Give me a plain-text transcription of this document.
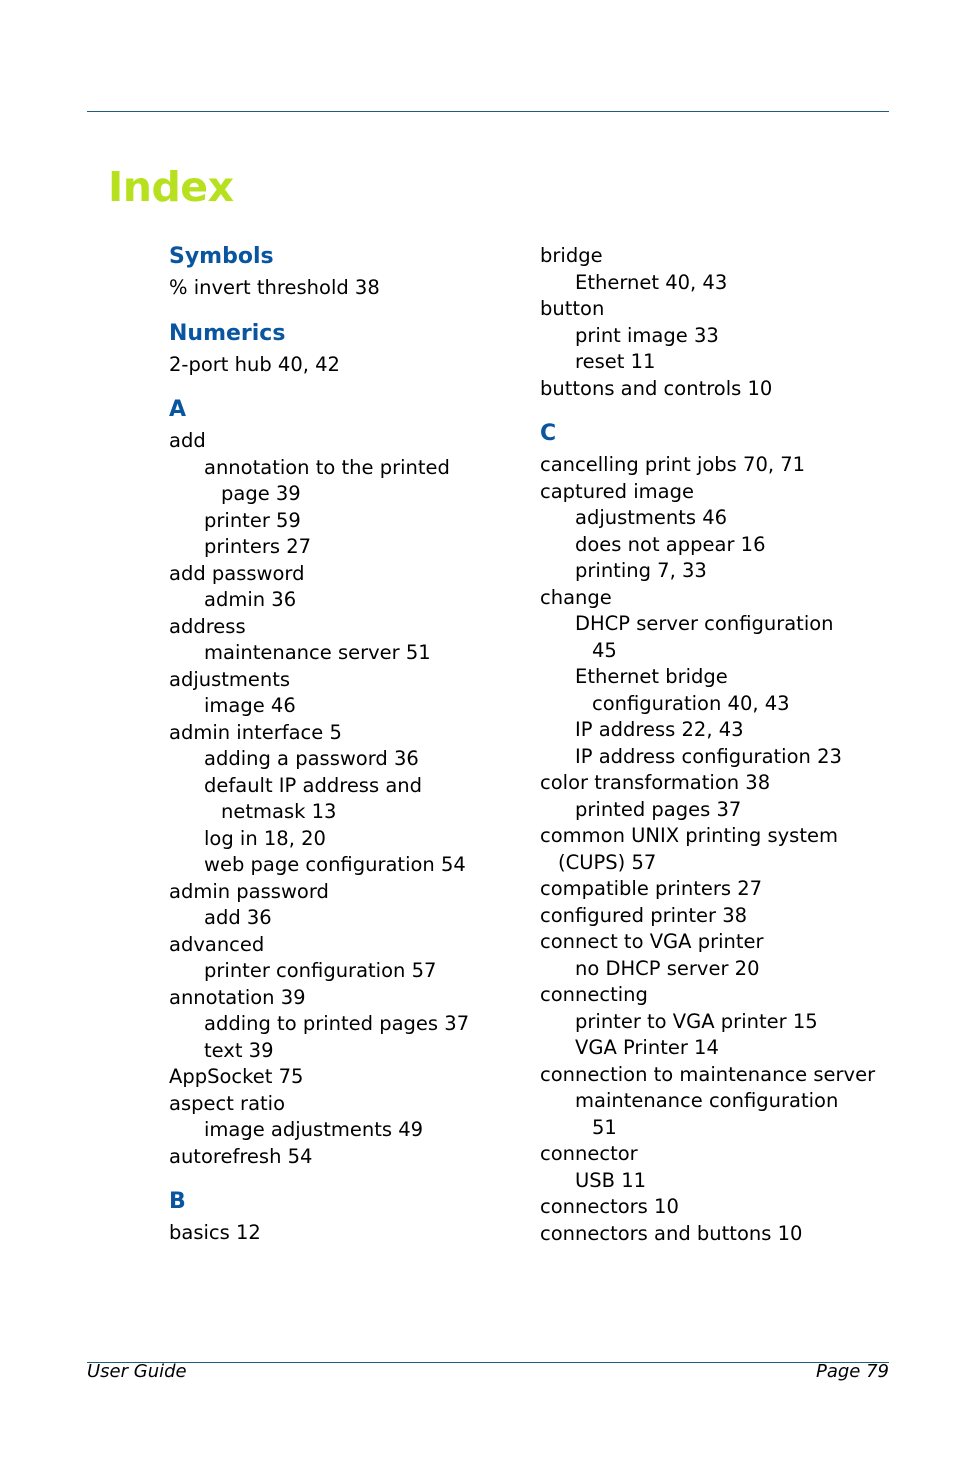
Index
Symbols
% invert threshold 38
Numerics
2-port hub 40, 42
A
add
annotation to the printed
page 39
printer 59
printers 27
add password
admin 36
address
maintenance server 51
adjustments
image 46
admin interface 5
adding a password 36
default IP address and
netmask 13
log in 18, 20
web page configuration 54
admin password
add 36
advanced
printer configuration 57
annotation 39
adding to printed pages 37
text 39
AppSocket 75
aspect ratio
image adjustments 49
autorefresh 54
B
basics 12
bridge
Ethernet 40, 43
button
print image 33
reset 11
buttons and controls 10
C
cancelling print jobs 70, 71
captured image
adjustments 46
does not appear 16
printing 7, 33
change
DHCP server configuration
45
Ethernet bridge
configuration 40, 43
IP address 22, 43
IP address configuration 23
color transformation 38
printed pages 37
common UNIX printing system
(CUPS) 57
compatible printers 27
configured printer 38
connect to VGA printer
no DHCP server 20
connecting
printer to VGA printer 15
VGA Printer 14
connection to maintenance server
maintenance configuration
51
connector
USB 11
connectors 10
connectors and buttons 10
User Guide	Page 79
